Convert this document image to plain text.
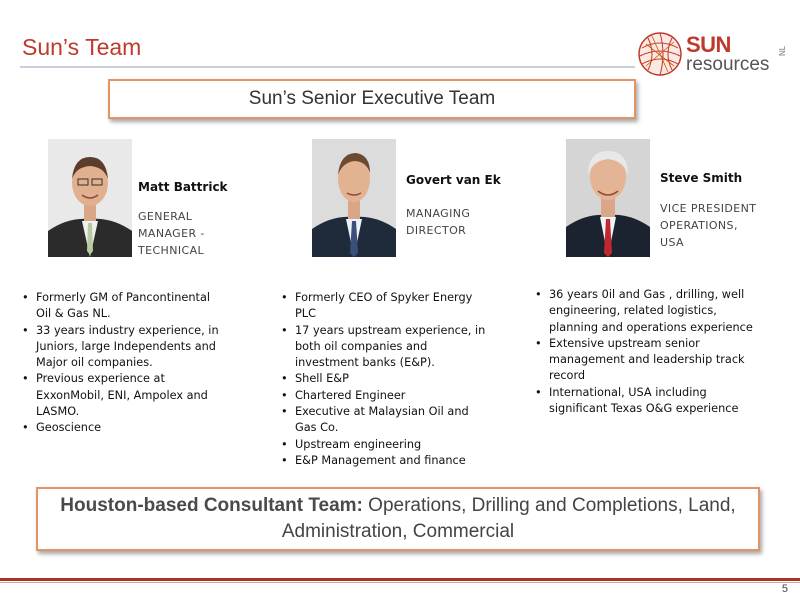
Sun’s Team	SUN
resources
NL
Sun’s Senior Executive Team
Matt Battrick
GENERAL MANAGER - TECHNICAL
• Formerly GM of Pancontinental Oil & Gas NL.
• 33 years industry experience, in Juniors, large Independents and Major oil companies.
• Previous experience at ExxonMobil, ENI, Ampolex and LASMO.
• Geoscience
Govert van Ek
MANAGING DIRECTOR
• Formerly CEO of Spyker Energy PLC
• 17 years upstream experience, in both oil companies and investment banks (E&P).
• Shell E&P
• Chartered Engineer
• Executive at Malaysian Oil and Gas Co.
• Upstream engineering
• E&P Management and finance
Steve Smith
VICE PRESIDENT OPERATIONS, USA
• 36 years 0il and Gas , drilling, well engineering, related logistics, planning and operations experience
• Extensive upstream senior management and leadership track record
• International, USA including significant Texas O&G experience
Houston-based Consultant Team: Operations, Drilling and Completions, Land, Administration, Commercial
5
